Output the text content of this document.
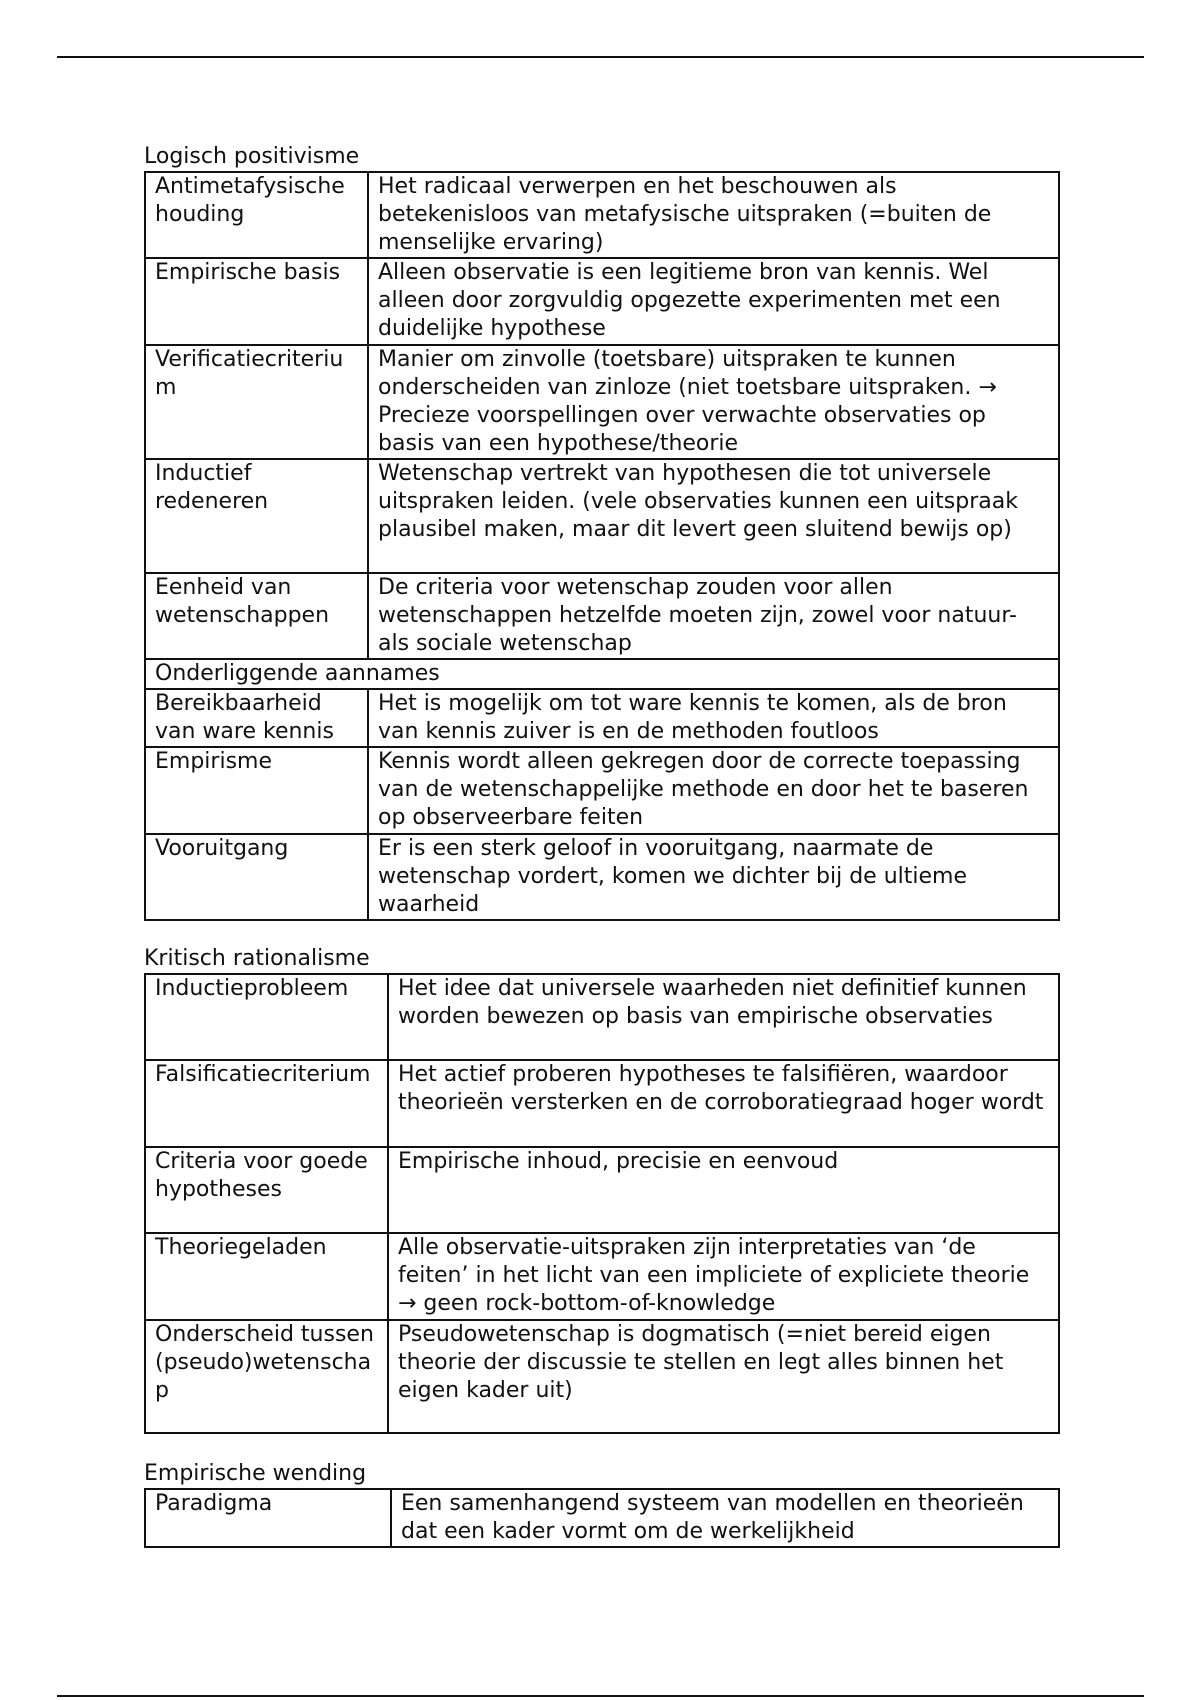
Logisch positivisme
Antimetafysische houding	Het radicaal verwerpen en het beschouwen als betekenisloos van metafysische uitspraken (=buiten de menselijke ervaring)
Empirische basis	Alleen observatie is een legitieme bron van kennis. Wel alleen door zorgvuldig opgezette experimenten met een duidelijke hypothese
Verificatiecriterium	Manier om zinvolle (toetsbare) uitspraken te kunnen onderscheiden van zinloze (niet toetsbare uitspraken. → Precieze voorspellingen over verwachte observaties op basis van een hypothese/theorie
Inductief redeneren	Wetenschap vertrekt van hypothesen die tot universele uitspraken leiden. (vele observaties kunnen een uitspraak plausibel maken, maar dit levert geen sluitend bewijs op)
Eenheid van wetenschappen	De criteria voor wetenschap zouden voor allen wetenschappen hetzelfde moeten zijn, zowel voor natuur- als sociale wetenschap
Onderliggende aannames	
Bereikbaarheid van ware kennis	Het is mogelijk om tot ware kennis te komen, als de bron van kennis zuiver is en de methoden foutloos
Empirisme	Kennis wordt alleen gekregen door de correcte toepassing van de wetenschappelijke methode en door het te baseren op observeerbare feiten
Vooruitgang	Er is een sterk geloof in vooruitgang, naarmate de wetenschap vordert, komen we dichter bij de ultieme waarheid
Kritisch rationalisme
Inductieprobleem	Het idee dat universele waarheden niet definitief kunnen worden bewezen op basis van empirische observaties
Falsificatiecriterium	Het actief proberen hypotheses te falsifiëren, waardoor theorieën versterken en de corroboratiegraad hoger wordt
Criteria voor goede hypotheses	Empirische inhoud, precisie en eenvoud
Theoriegeladen	Alle observatie-uitspraken zijn interpretaties van ‘de feiten’ in het licht van een impliciete of expliciete theorie → geen rock-bottom-of-knowledge
Onderscheid tussen (pseudo)wetenschap	Pseudowetenschap is dogmatisch (=niet bereid eigen theorie der discussie te stellen en legt alles binnen het eigen kader uit)
Empirische wending
Paradigma	Een samenhangend systeem van modellen en theorieën dat een kader vormt om de werkelijkheid
